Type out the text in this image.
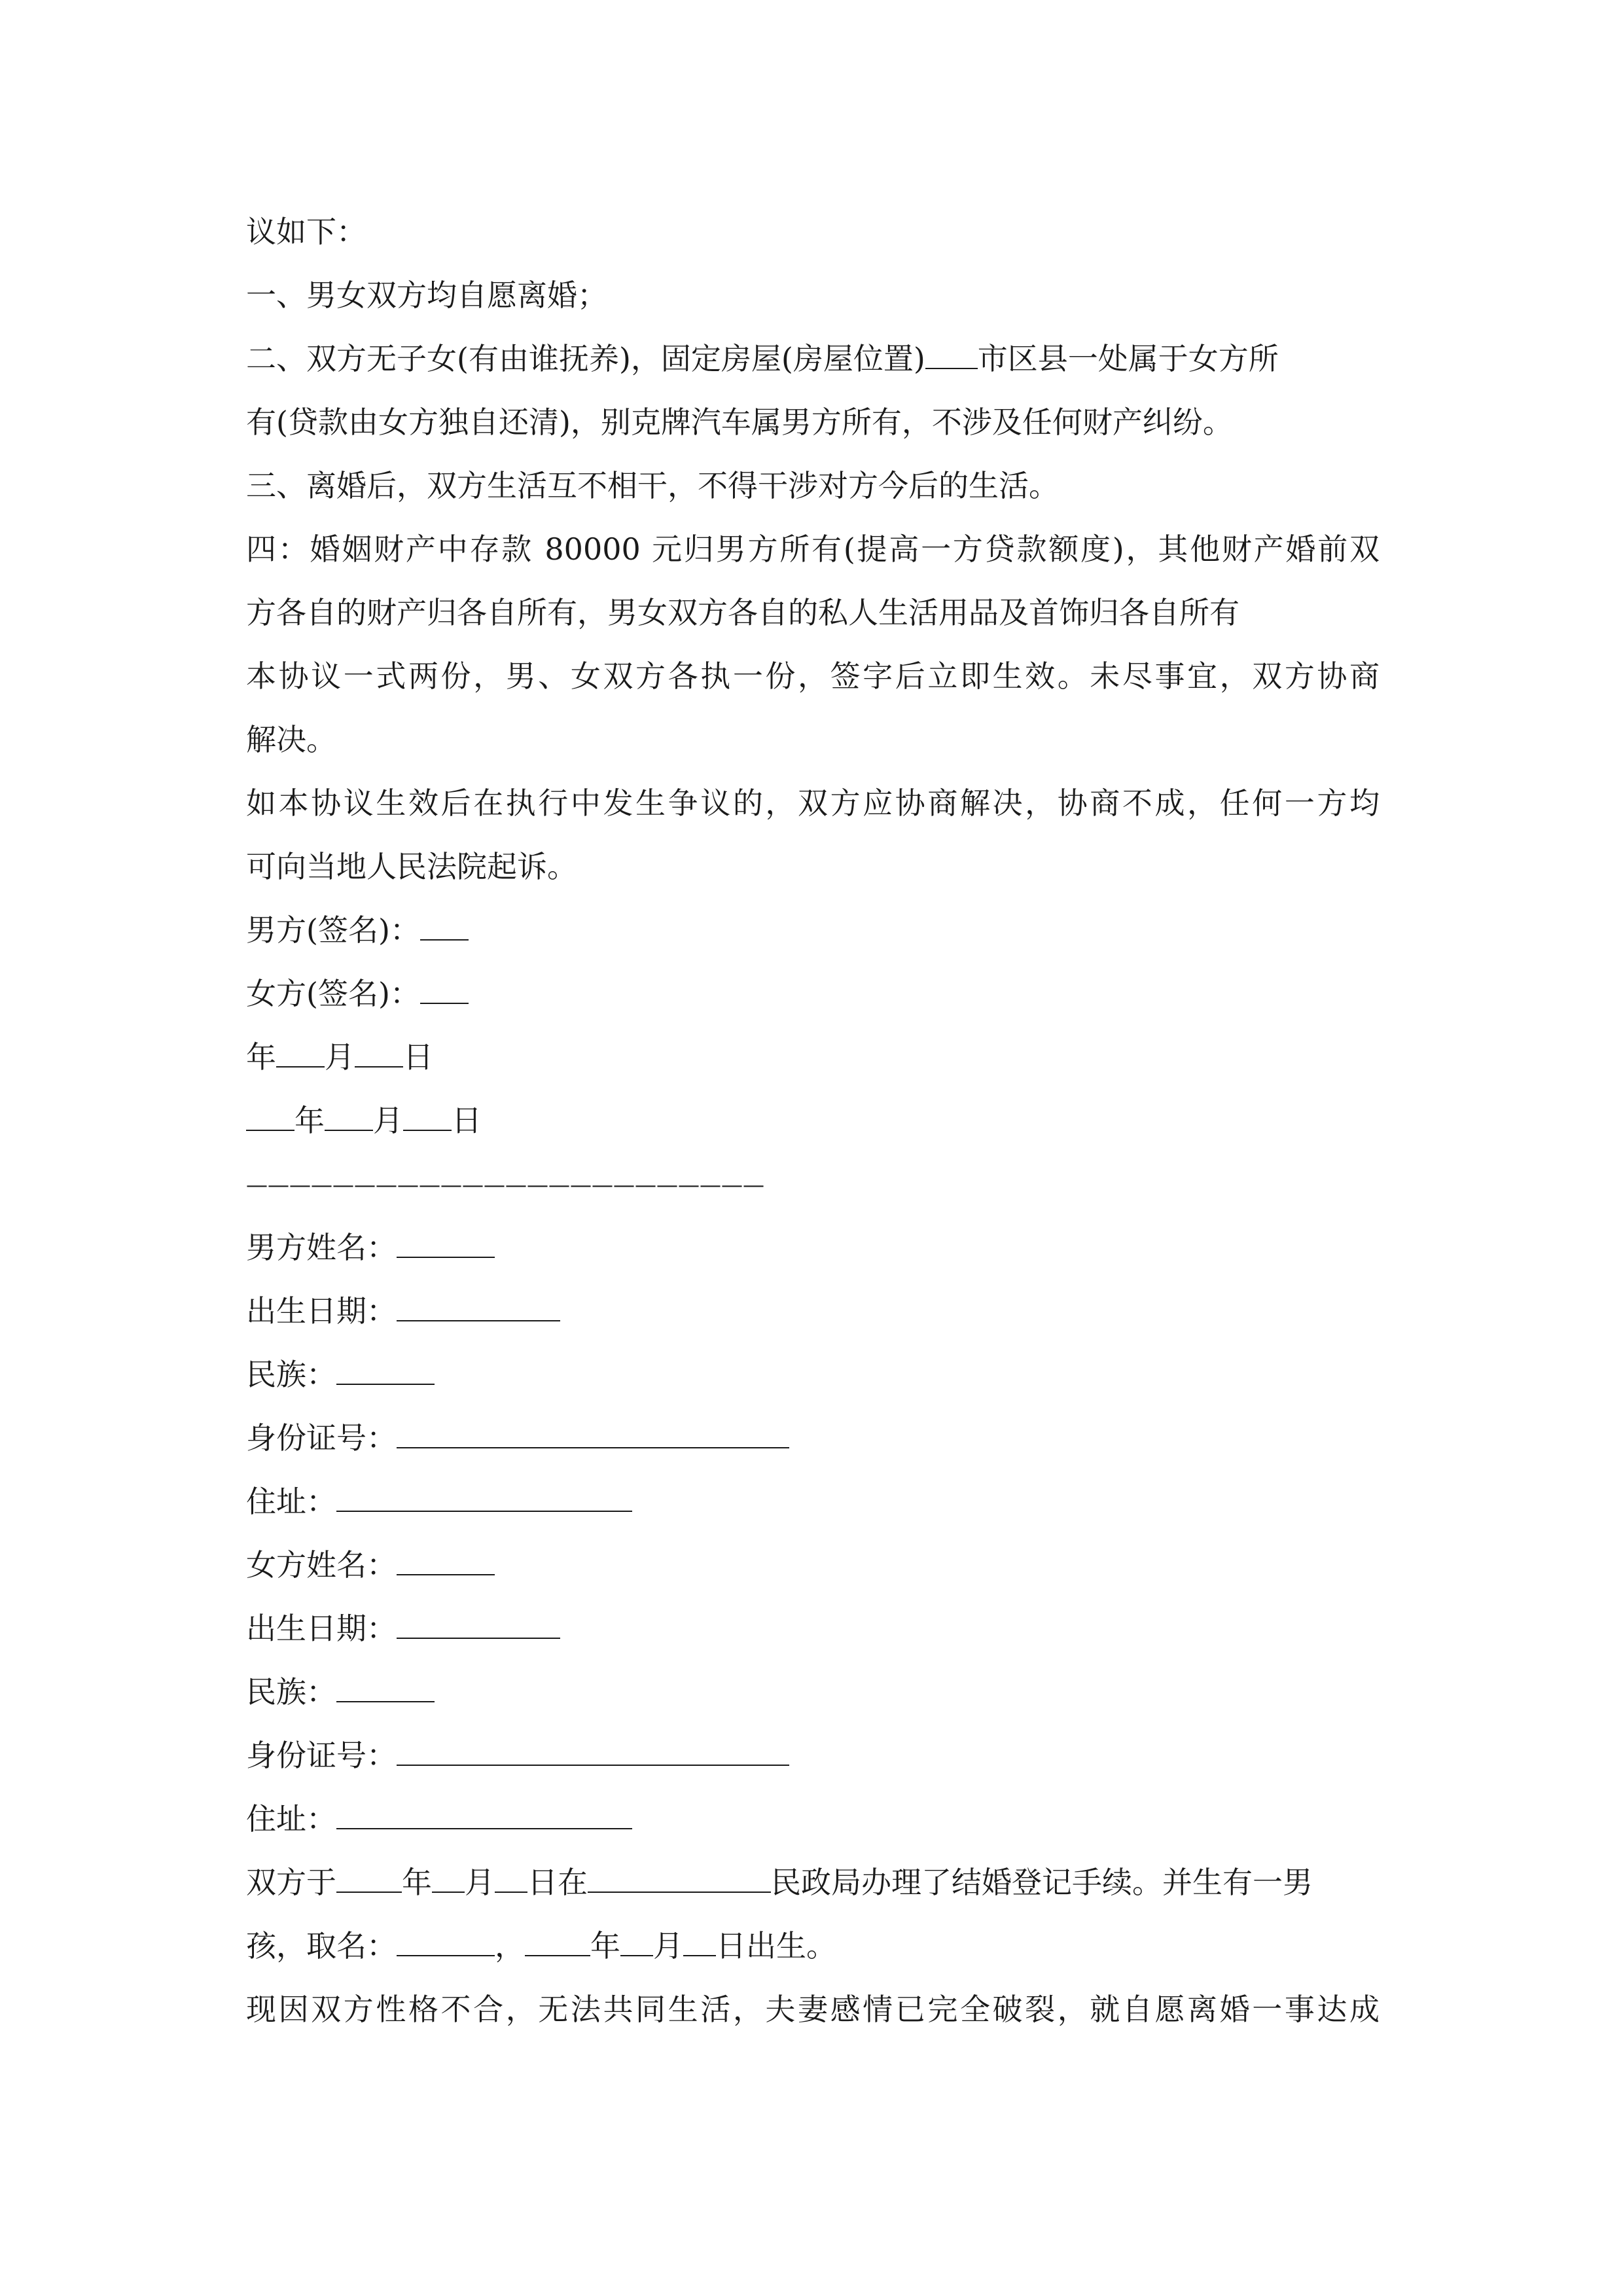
议如下：
一、男女双方均自愿离婚；
二、双方无子女(有由谁抚养)，固定房屋(房屋位置) 市区县一处属于女方所
有(贷款由女方独自还清)，别克牌汽车属男方所有，不涉及任何财产纠纷。
三、离婚后，双方生活互不相干，不得干涉对方今后的生活。
四：婚姻财产中存款 80000 元归男方所有(提高一方贷款额度)，其他财产婚前双
方各自的财产归各自所有，男女双方各自的私人生活用品及首饰归各自所有
本协议一式两份，男、女双方各执一份，签字后立即生效。未尽事宜，双方协商
解决。
如本协议生效后在执行中发生争议的，双方应协商解决，协商不成，任何一方均
可向当地人民法院起诉。
男方(签名)：
女方(签名)：
年 月 日
年 月 日
————————————————————————
男方姓名：
出生日期：
民族：
身份证号：
住址：
女方姓名：
出生日期：
民族：
身份证号：
住址：
双方于 年 月 日在	民政局办理了结婚登记手续。并生有一男
孩，取名：	， 年 月 日出生。
现因双方性格不合，无法共同生活，夫妻感情已完全破裂，就自愿离婚一事达成
